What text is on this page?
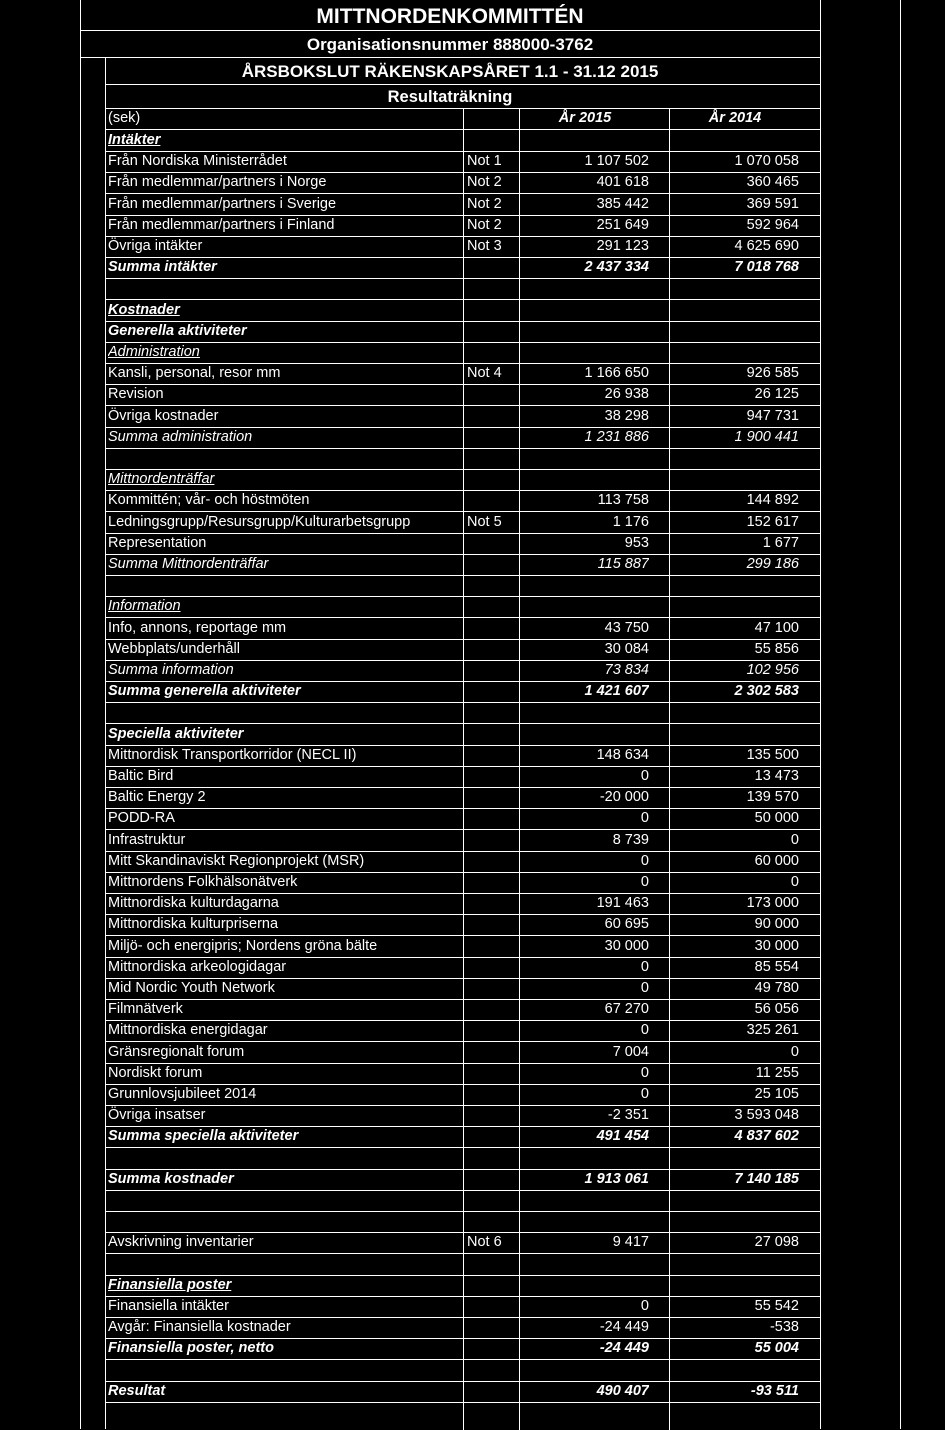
MITTNORDENKOMMITTÉN
Organisationsnummer 888000-3762
ÅRSBOKSLUT RÄKENSKAPSÅRET 1.1 - 31.12 2015
Resultaträkning
(sek)	År 2015	År 2014
Intäkter
Från Nordiska Ministerrådet	Not 1	1 107 502	1 070 058
Från medlemmar/partners i Norge	Not 2	401 618	360 465
Från medlemmar/partners i Sverige	Not 2	385 442	369 591
Från medlemmar/partners i Finland	Not 2	251 649	592 964
Övriga intäkter	Not 3	291 123	4 625 690
Summa intäkter	2 437 334	7 018 768
Kostnader
Generella aktiviteter
Administration
Kansli, personal, resor mm	Not 4	1 166 650	926 585
Revision	26 938	26 125
Övriga kostnader	38 298	947 731
Summa administration	1 231 886	1 900 441
Mittnordenträffar
Kommittén; vår- och höstmöten	113 758	144 892
Ledningsgrupp/Resursgrupp/Kulturarbetsgrupp	Not 5	1 176	152 617
Representation	953	1 677
Summa Mittnordenträffar	115 887	299 186
Information
Info, annons, reportage mm	43 750	47 100
Webbplats/underhåll	30 084	55 856
Summa information	73 834	102 956
Summa generella aktiviteter	1 421 607	2 302 583
Speciella aktiviteter
Mittnordisk Transportkorridor (NECL II)	148 634	135 500
Baltic Bird	0	13 473
Baltic Energy 2	-20 000	139 570
PODD-RA	0	50 000
Infrastruktur	8 739	0
Mitt Skandinaviskt Regionprojekt (MSR)	0	60 000
Mittnordens Folkhälsonätverk	0	0
Mittnordiska kulturdagarna	191 463	173 000
Mittnordiska kulturpriserna	60 695	90 000
Miljö- och energipris; Nordens gröna bälte	30 000	30 000
Mittnordiska arkeologidagar	0	85 554
Mid Nordic Youth Network	0	49 780
Filmnätverk	67 270	56 056
Mittnordiska energidagar	0	325 261
Gränsregionalt forum	7 004	0
Nordiskt forum	0	11 255
Grunnlovsjubileet 2014	0	25 105
Övriga insatser	-2 351	3 593 048
Summa speciella aktiviteter	491 454	4 837 602
Summa kostnader	1 913 061	7 140 185
Avskrivning inventarier	Not 6	9 417	27 098
Finansiella poster
Finansiella intäkter	0	55 542
Avgår: Finansiella kostnader	-24 449	-538
Finansiella poster, netto	-24 449	55 004
Resultat	490 407	-93 511
